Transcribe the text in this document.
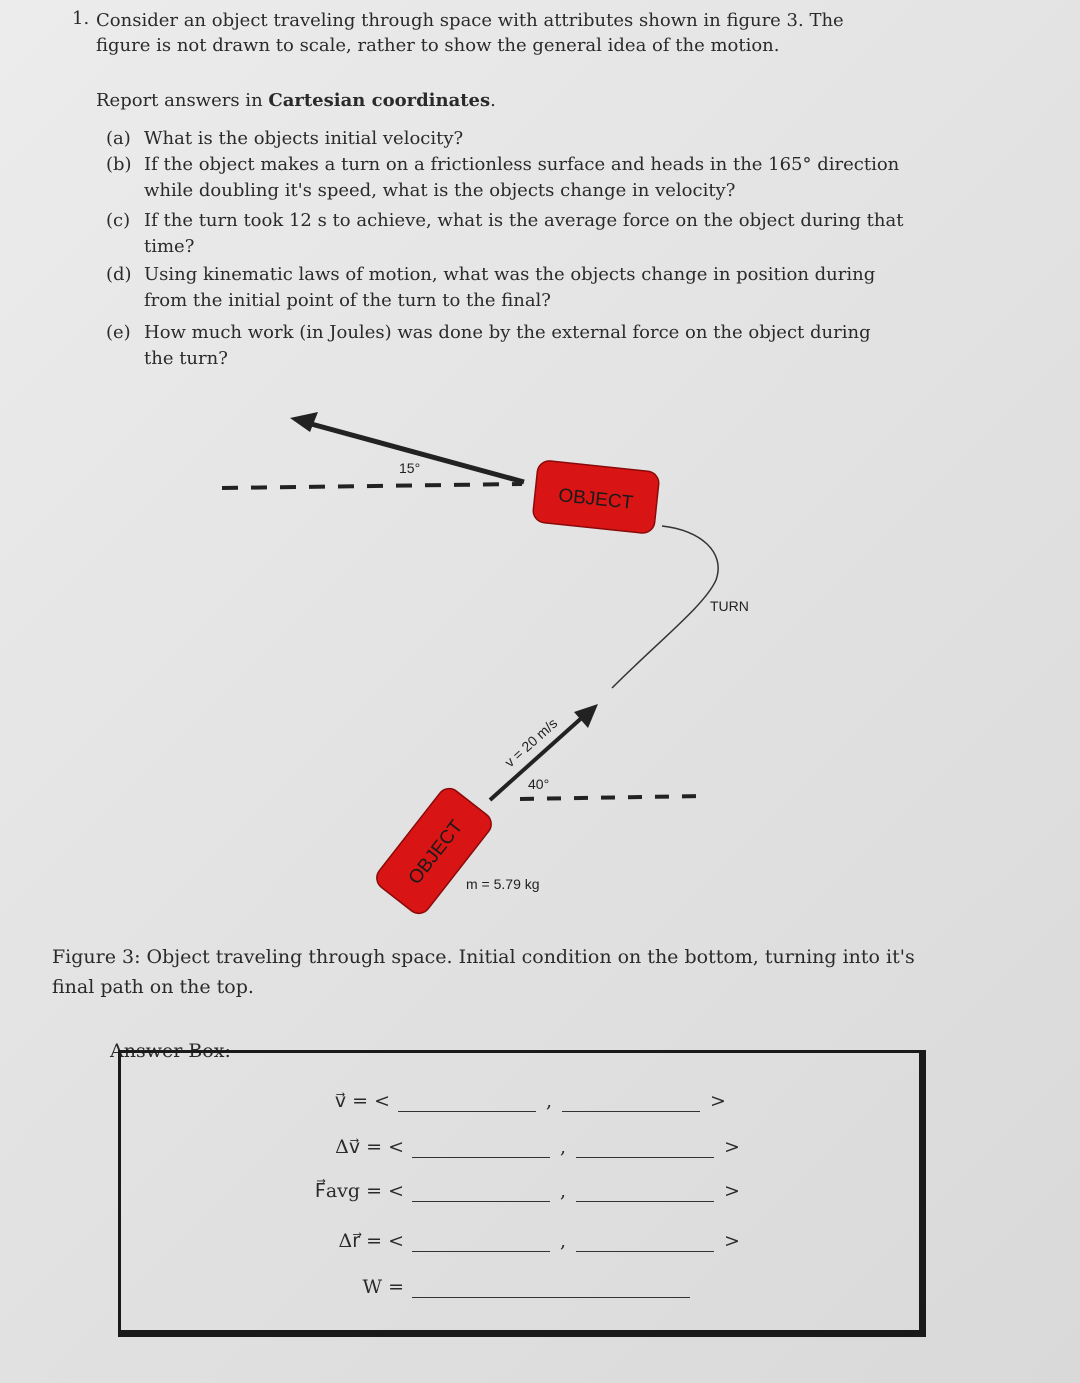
1. Consider an object traveling through space with attributes shown in figure 3. The figure is not drawn to scale, rather to show the general idea of the motion.
Report answers in Cartesian coordinates.
(a) What is the objects initial velocity?
(b) If the object makes a turn on a frictionless surface and heads in the 165° direction while doubling it's speed, what is the objects change in velocity?
(c) If the turn took 12 s to achieve, what is the average force on the object during that time?
(d) Using kinematic laws of motion, what was the objects change in position during from the initial point of the turn to the final?
(e) How much work (in Joules) was done by the external force on the object during the turn?
15°
OBJECT
TURN
v = 20 m/s
40°
OBJECT
m = 5.79 kg
Figure 3: Object traveling through space. Initial condition on the bottom, turning into it's final path on the top.
Answer Box:
v⃗ = <	,	>
Δv⃗ = <	,	>
F⃗avg = <	,	>
Δr⃗ = <	,	>
W =
